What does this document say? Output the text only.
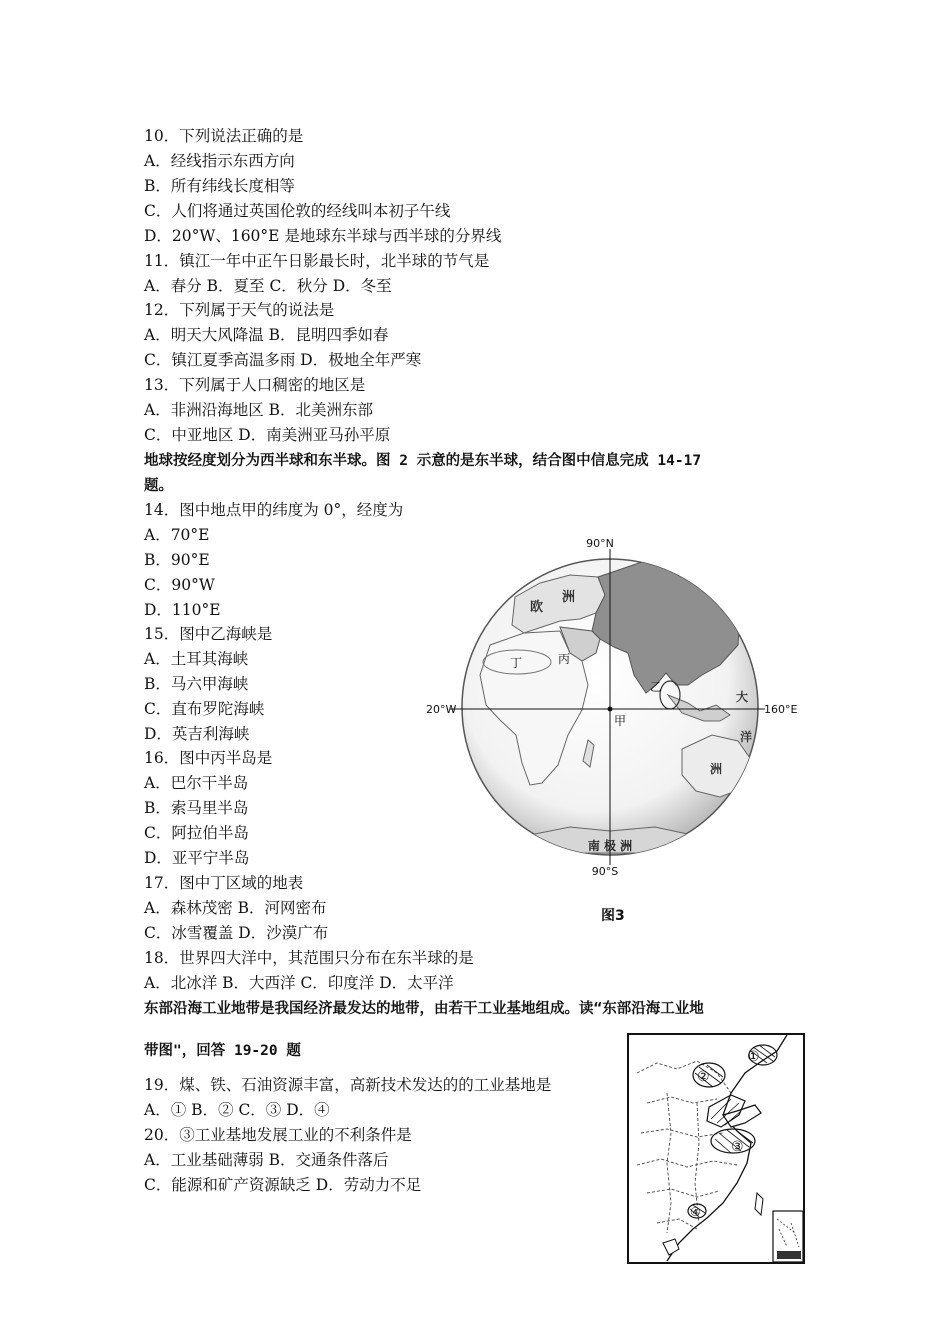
10．下列说法正确的是
A．经线指示东西方向
B．所有纬线长度相等
C．人们将通过英国伦敦的经线叫本初子午线
D．20°W、160°E 是地球东半球与西半球的分界线
11．镇江一年中正午日影最长时，北半球的节气是
A．春分 B．夏至 C．秋分 D．冬至
12．下列属于天气的说法是
A．明天大风降温 B．昆明四季如春
C．镇江夏季高温多雨 D．极地全年严寒
13．下列属于人口稠密的地区是
A．非洲沿海地区 B．北美洲东部
C．中亚地区 D．南美洲亚马孙平原
地球按经度划分为西半球和东半球。图 2 示意的是东半球，结合图中信息完成 14-17
题。
14．图中地点甲的纬度为 0°，经度为
A．70°E
B．90°E
C．90°W
D．110°E
15．图中乙海峡是
A．土耳其海峡
B．马六甲海峡
C．直布罗陀海峡
D．英吉利海峡
16．图中丙半岛是
A．巴尔干半岛
B．索马里半岛
C．阿拉伯半岛
D．亚平宁半岛
17．图中丁区域的地表
A．森林茂密 B．河网密布
C．冰雪覆盖 D．沙漠广布
18．世界四大洋中，其范围只分布在东半球的是
A．北冰洋 B．大西洋 C．印度洋 D．太平洋
东部沿海工业地带是我国经济最发达的地带，由若干工业基地组成。读“东部沿海工业地
带图"，回答 19-20 题
19．煤、铁、石油资源丰富，高新技术发达的的工业基地是
A．① B．② C．③ D．④
20．③工业基地发展工业的不利条件是
A．工业基础薄弱 B．交通条件落后
C．能源和矿产资源缺乏 D．劳动力不足
90°N
90°S
20°W	160°E
甲
乙
丙
丁
欧
洲
大
洋
洲
南 极 洲
图3
①
②
③
④
